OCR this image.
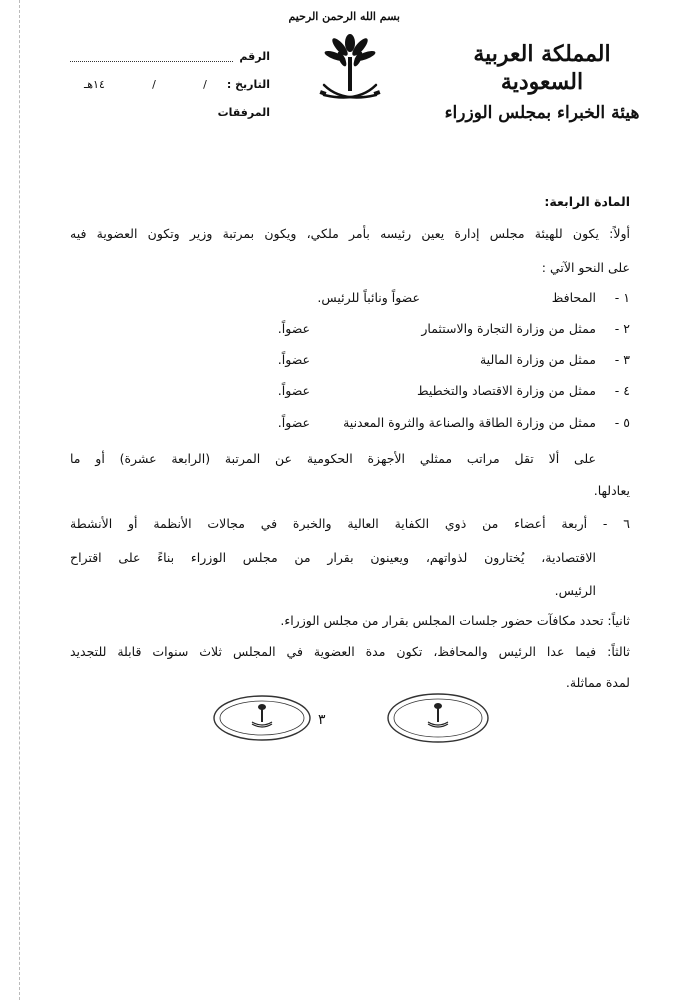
المملكة العربية السعودية
هيئة الخبراء بمجلس الوزراء
بسم الله الرحمن الرحيم
الرقم
التاريخ :
/
/
١٤هـ
المرفقات
المادة الرابعة:
أولاً: يكون للهيئة مجلس إدارة يعين رئيسه بأمر ملكي، ويكون بمرتبة وزير وتكون العضوية فيه
على النحو الآتي :
١ -
المحافظ
عضواً ونائباً للرئيس.
٢ -
ممثل من وزارة التجارة والاستثمار
عضواً.
٣ -
ممثل من وزارة المالية
عضواً.
٤ -
ممثل من وزارة الاقتصاد والتخطيط
عضواً.
٥ -
ممثل من وزارة الطاقة والصناعة والثروة المعدنية
عضواً.
على ألا تقل مراتب ممثلي الأجهزة الحكومية عن المرتبة (الرابعة عشرة) أو ما
يعادلها.
٦ - أربعة أعضاء من ذوي الكفاية العالية والخبرة في مجالات الأنظمة أو الأنشطة
الاقتصادية، يُختارون لذواتهم، ويعينون بقرار من مجلس الوزراء بناءً على اقتراح
الرئيس.
ثانياً: تحدد مكافآت حضور جلسات المجلس بقرار من مجلس الوزراء.
ثالثاً: فيما عدا الرئيس والمحافظ، تكون مدة العضوية في المجلس ثلاث سنوات قابلة للتجديد
لمدة مماثلة.
٣
